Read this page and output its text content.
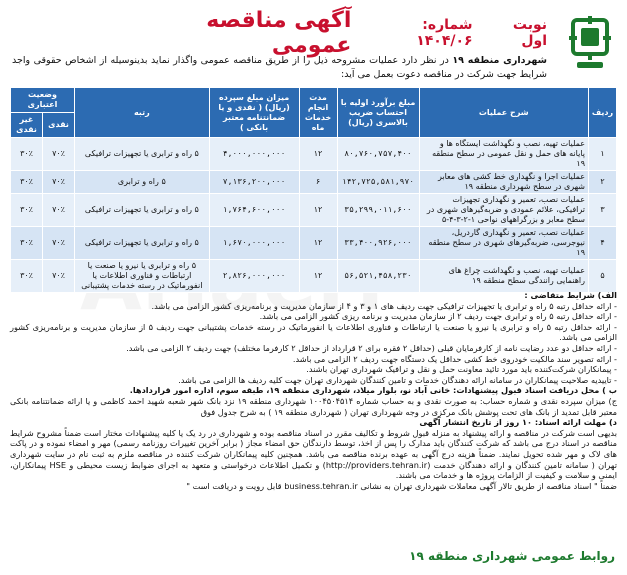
نوبت اول
شماره: ۱۴۰۴/۰۶
آگهی مناقصه عمومی
شهرداری منطقه ۱۹ در نظر دارد عملیات مشروحه ذیل را از طریق مناقصه عمومی واگذار نماید بدینوسیله از اشخاص حقوقی واجد شرایط جهت شرکت در مناقصه دعوت بعمل می آید:
ردیف	شرح عملیات	مبلغ برآورد اولیه با احتساب ضریب بالاسری (ریال)	مدت انجام خدمات ماه	میزان مبلغ سپرده (ریال) ( نقدی و یا ضمانتنامه معتبر بانکی )	رتبه	وضعیت اعتباری	
						نقدی	غیر نقدی
۱	عملیات تهیه، نصب و نگهداشت ایستگاه ها و پایانه های حمل و نقل عمومی در سطح منطقه ۱۹	۸۰,۷۶۰,۷۵۷,۴۰۰	۱۲	۴,۰۰۰,۰۰۰,۰۰۰	۵ راه و ترابری یا تجهیزات ترافیکی	۷۰٪	۳۰٪
۲	عملیات اجرا و نگهداری خط کشی های معابر شهری در سطح شهرداری منطقه ۱۹	۱۴۲,۷۲۵,۵۸۱,۹۷۰	۶	۷,۱۳۶,۲۰۰,۰۰۰	۵ راه و ترابری	۷۰٪	۳۰٪
۳	عملیات نصب، تعمیر و نگهداری تجهیزات ترافیکی، علائم عمودی و ضربه‌گیرهای شهری در سطح معابر و بزرگراههای نواحی ۱-۲-۳-۴-۵	۳۵,۲۹۹,۰۱۱,۶۰۰	۱۲	۱,۷۶۴,۶۰۰,۰۰۰	۵ راه و ترابری یا تجهیزات ترافیکی	۷۰٪	۳۰٪
۴	عملیات نصب، تعمیر و نگهداری گاردریل، نیوجرسی، ضربه‌گیرهای شهری در سطح منطقه ۱۹	۳۳,۴۰۰,۹۲۶,۰۰۰	۱۲	۱,۶۷۰,۰۰۰,۰۰۰	۵ راه و ترابری یا تجهیزات ترافیکی	۷۰٪	۳۰٪
۵	عملیات تهیه، نصب و نگهداشت چراغ های راهنمایی رانندگی سطح منطقه ۱۹	۵۶,۵۲۱,۴۵۸,۲۳۰	۱۲	۲,۸۲۶,۰۰۰,۰۰۰	۵ راه و ترابری یا نیرو یا صنعت یا ارتباطات و فناوری اطلاعات یا انفورماتیک در رسته خدمات پشتیبانی	۷۰٪	۳۰٪
الف) شرایط متقاضی :
- ارائه حداقل رتبه ۵ راه و ترابری یا تجهیزات ترافیکی جهت ردیف های ۱ و ۳ و ۴ از سازمان مدیریت و برنامه‌ریزی کشور الزامی می باشد.
- ارائه حداقل رتبه ۵ راه و ترابری جهت ردیف ۲ از سازمان مدیریت و برنامه ریزی کشور الزامی می باشد.
- ارائه حداقل رتبه ۵ راه و ترابری یا نیرو یا صنعت یا ارتباطات و فناوری اطلاعات یا انفورماتیک در رسته خدمات پشتیبانی جهت ردیف ۵ از سازمان مدیریت و برنامه‌ریزی کشور الزامی می باشد.
- ارائه حداقل دو عدد رضایت نامه از کارفرمایان قبلی (حداقل ۲ فقره برای ۲ قرارداد از حداقل ۲ کارفرما مختلف) جهت ردیف ۲ الزامی می باشد.
- ارائه تصویر سند مالکیت خودروی خط کشی حداقل یک دستگاه جهت ردیف ۲ الزامی می باشد.
- پیمانکاران شرکت‌کننده باید مورد تائید معاونت حمل و نقل و ترافیک شهرداری تهران باشند.
- تاییدیه صلاحیت پیمانکاران در سامانه ارائه دهندگان خدمات و تامین کنندگان شهرداری تهران جهت کلیه ردیف ها الزامی می باشد.
ب ) محل دریافت اسناد قبول پیشنهادات: خانی آباد نو، بلوار میلاد، شهرداری منطقه ۱۹، طبقه سوم، اداره امور قراردادها.
ج) میزان سپرده نقدی و شماره حساب: به صورت نقدی و به حساب شماره ۱۰۰۴۵۰۴۵۱۴ شهرداری منطقه ۱۹ نزد بانک شهر شعبه شهید احمد کاظمی و یا ارائه ضمانتنامه بانکی معتبر قابل تمدید از بانک های تحت پوشش بانک مرکزی در وجه شهرداری تهران ( شهرداری منطقه ۱۹ ) به شرح جدول فوق
د) مهلت ارائه اسناد: ۱۰ روز از تاریخ انتشار آگهی
بدیهی است شرکت در مناقصه و ارائه پیشنهاد به منزله قبول شروط و تکالیف مقرر در اسناد مناقصه بوده و شهرداری در رد یک یا کلیه پیشنهادات مختار است ضمناً مشروح شرایط مناقصه در اسناد درج می باشد که شرکت کنندگان باید مدارک را پس از اخذ، توسط دارندگان حق امضاء مجاز ( برابر آخرین تغییرات روزنامه رسمی) مهر و امضاء نموده و در پاکت های لاک و مهر شده تحویل نمایند. ضمناً هزینه درج آگهی به عهده برنده مناقصه می باشد. همچنین کلیه پیمانکاران شرکت کننده در مناقصه ملزم به ثبت نام در سایت شهرداری تهران ( سامانه تامین کنندگان و ارائه دهندگان خدمت (http://providers.tehran.ir) و تکمیل اطلاعات درخواستی و متعهد به اجرای ضوابط زیست محیطی و HSE پیمانکاران، ایمنی و سلامت و کیفیت از الزامات پروژه ها و خدمات می باشند.
ضمناً " اسناد مناقصه از طریق تالار آگهی معاملات شهرداری تهران به نشانی business.tehran.ir قابل رویت و دریافت است "
روابط عمومی شهرداری منطقه ۱۹
